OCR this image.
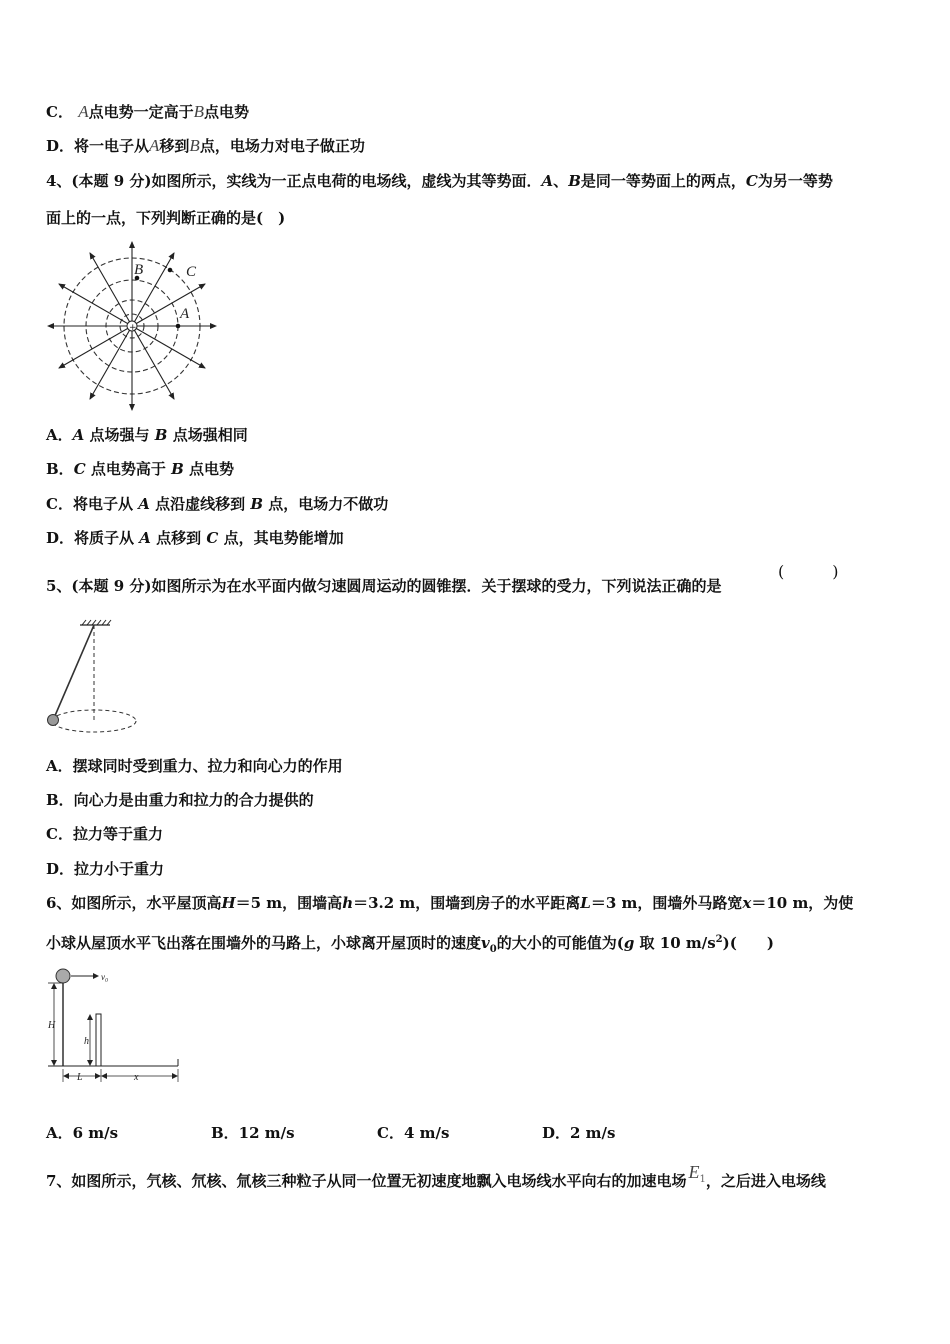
C． A点电势一定高于B点电势
D．将一电子从A移到B点，电场力对电子做正功
4、(本题 9 分)如图所示，实线为一正点电荷的电场线，虚线为其等势面．A、B是同一等势面上的两点，C为另一等势
面上的一点，下列判断正确的是(　)
+
B	C
A
A．A 点场强与 B 点场强相同
B．C 点电势高于 B 点电势
C．将电子从 A 点沿虚线移到 B 点，电场力不做功
D．将质子从 A 点移到 C 点，其电势能增加
5、(本题 9 分)如图所示为在水平面内做匀速圆周运动的圆锥摆．关于摆球的受力，下列说法正确的是
(　　　)
A．摆球同时受到重力、拉力和向心力的作用
B．向心力是由重力和拉力的合力提供的
C．拉力等于重力
D．拉力小于重力
6、如图所示，水平屋顶高H＝5 m，围墙高h＝3.2 m，围墙到房子的水平距离L＝3 m，围墙外马路宽x＝10 m，为使
小球从屋顶水平飞出落在围墙外的马路上，小球离开屋顶时的速度$v_0$的大小的可能值为(g 取 10 $m/s^2$)(　　)
v₀
H
h
L	x
A．6 m/s	B．12 m/s	C．4 m/s	D．2 m/s
7、如图所示，氕核、氘核、氚核三种粒子从同一位置无初速度地飘入电场线水平向右的加速电场 $E_1$，之后进入电场线
